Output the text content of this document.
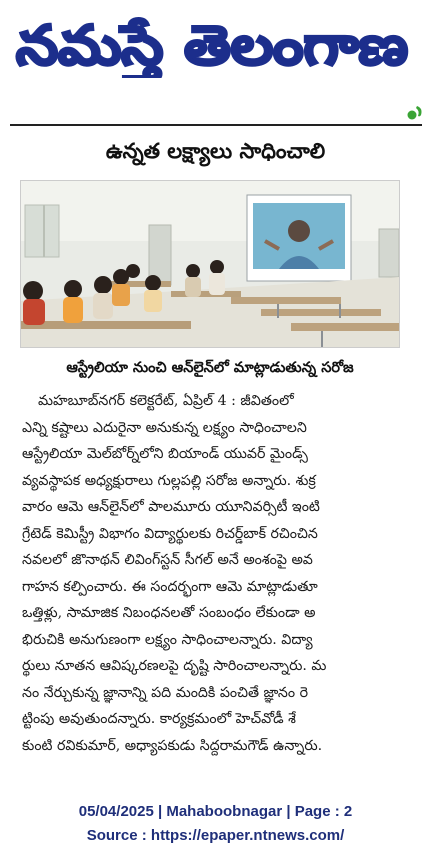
నమస్తే తెలంగాణ
ఉన్నత లక్ష్యాలు సాధించాలి
ఆస్ట్రేలియా నుంచి ఆన్‌లైన్‌లో మాట్లాడుతున్న సరోజ
మహబూబ్‌నగర్ కలెక్టరేట్, ఏప్రిల్ 4 : జీవితంలో
ఎన్ని కష్టాలు ఎదురైనా అనుకున్న లక్ష్యం సాధించాలని
ఆస్ట్రేలియా మెల్‌బోర్న్‌లోని బియాండ్ యువర్ మైండ్స్
వ్యవస్థాపక అధ్యక్షురాలు గుల్లపల్లి సరోజ అన్నారు. శుక్ర
వారం ఆమె ఆన్‌లైన్‌లో పాలమూరు యూనివర్సిటీ ఇంటి
గ్రేటెడ్ కెమిస్ట్రీ విభాగం విద్యార్థులకు రిచర్డ్‌బాక్ రచించిన
నవలలో జొనాథన్ లివింగ్‌స్టన్ సీగల్ అనే అంశంపై అవ
గాహన కల్పించారు. ఈ సందర్భంగా ఆమె మాట్లాడుతూ
ఒత్తిళ్లు, సామాజిక నిబంధనలతో సంబంధం లేకుండా అ
భిరుచికి అనుగుణంగా లక్ష్యం సాధించాలన్నారు. విద్యా
ర్థులు నూతన ఆవిష్కరణలపై దృష్టి సారించాలన్నారు. మ
నం నేర్చుకున్న జ్ఞానాన్ని పది మందికి పంచితే జ్ఞానం రె
ట్టింపు అవుతుందన్నారు. కార్యక్రమంలో హెచ్‌వోడీ శే
కుంటి రవికుమార్, అధ్యాపకుడు సిద్దరామగౌడ్ ఉన్నారు.
05/04/2025 | Mahaboobnagar | Page : 2
Source : https://epaper.ntnews.com/
